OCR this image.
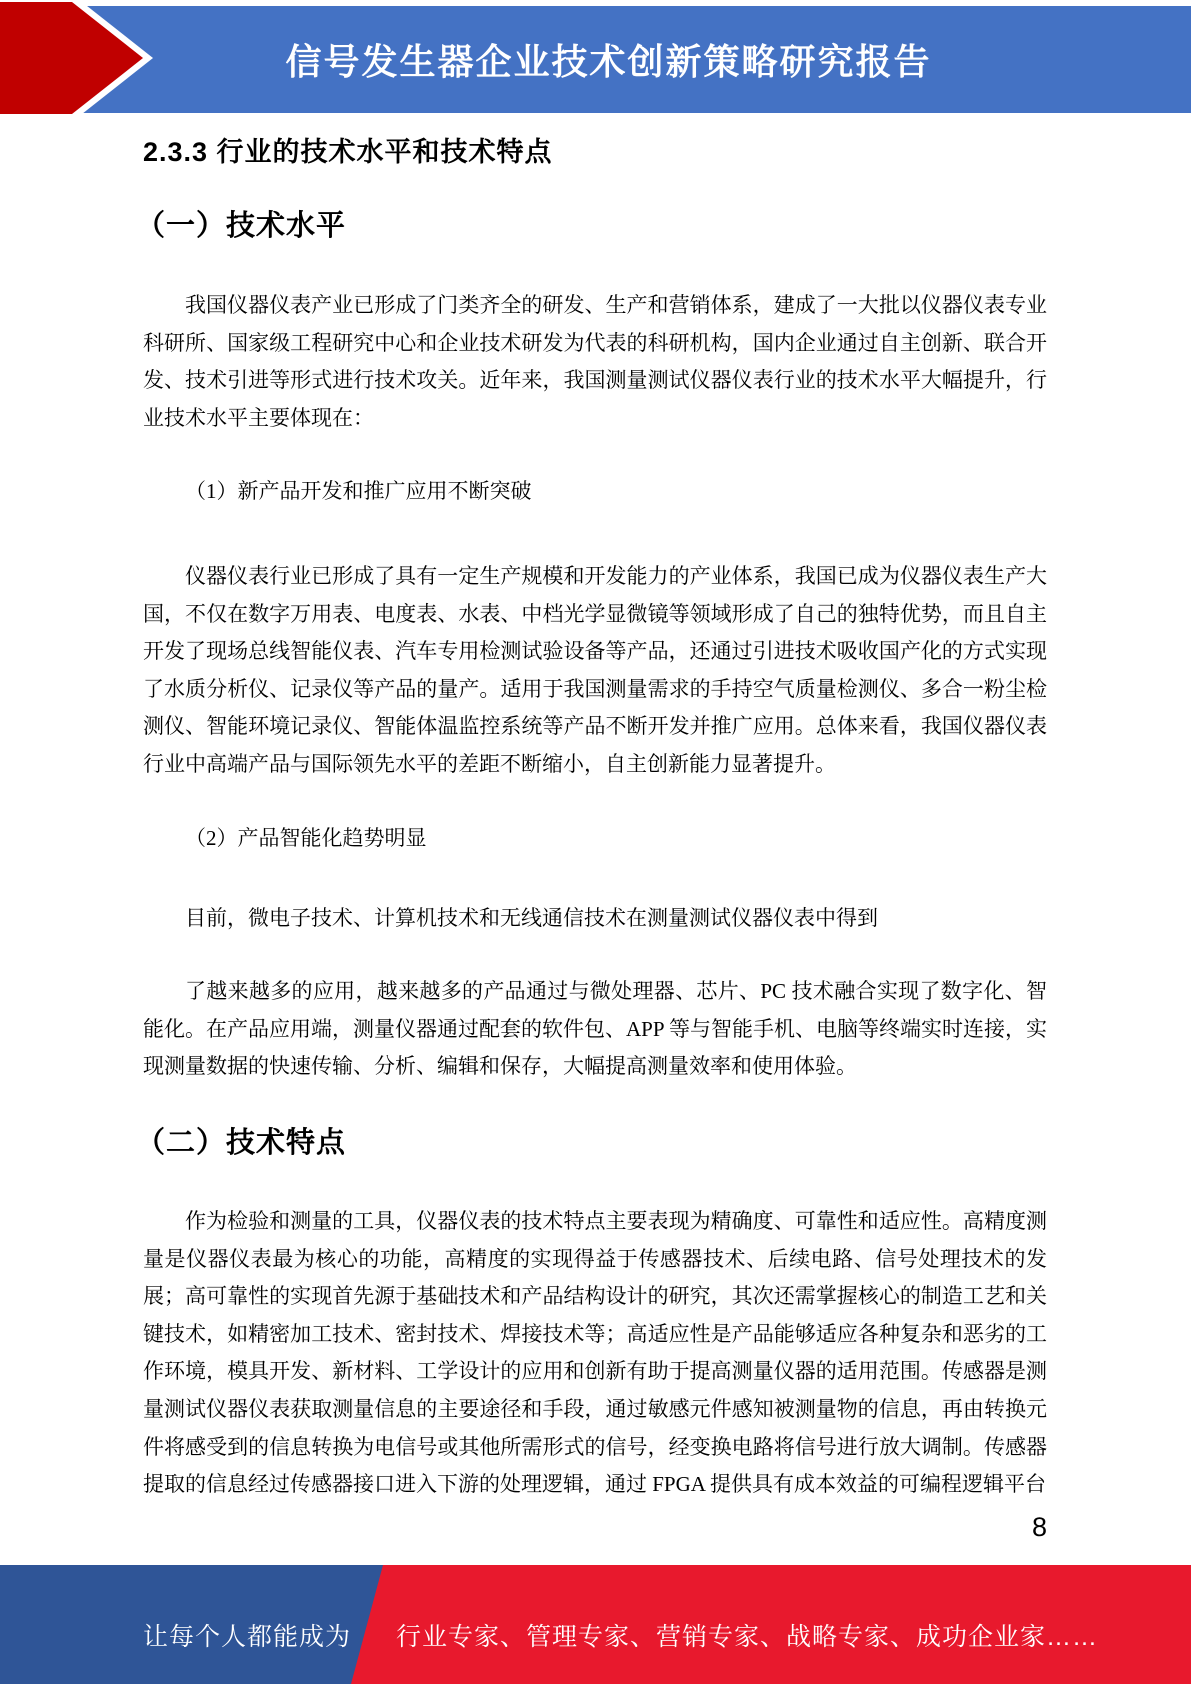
信号发生器企业技术创新策略研究报告
2.3.3 行业的技术水平和技术特点
（一）技术水平
我国仪器仪表产业已形成了门类齐全的研发、生产和营销体系，建成了一大批以仪器仪表专业科研所、国家级工程研究中心和企业技术研发为代表的科研机构，国内企业通过自主创新、联合开发、技术引进等形式进行技术攻关。近年来，我国测量测试仪器仪表行业的技术水平大幅提升，行业技术水平主要体现在：
（1）新产品开发和推广应用不断突破
仪器仪表行业已形成了具有一定生产规模和开发能力的产业体系，我国已成为仪器仪表生产大国，不仅在数字万用表、电度表、水表、中档光学显微镜等领域形成了自己的独特优势，而且自主开发了现场总线智能仪表、汽车专用检测试验设备等产品，还通过引进技术吸收国产化的方式实现了水质分析仪、记录仪等产品的量产。适用于我国测量需求的手持空气质量检测仪、多合一粉尘检测仪、智能环境记录仪、智能体温监控系统等产品不断开发并推广应用。总体来看，我国仪器仪表行业中高端产品与国际领先水平的差距不断缩小，自主创新能力显著提升。
（2）产品智能化趋势明显
目前，微电子技术、计算机技术和无线通信技术在测量测试仪器仪表中得到
了越来越多的应用，越来越多的产品通过与微处理器、芯片、PC 技术融合实现了数字化、智能化。在产品应用端，测量仪器通过配套的软件包、APP 等与智能手机、电脑等终端实时连接，实现测量数据的快速传输、分析、编辑和保存，大幅提高测量效率和使用体验。
（二）技术特点
作为检验和测量的工具，仪器仪表的技术特点主要表现为精确度、可靠性和适应性。高精度测量是仪器仪表最为核心的功能，高精度的实现得益于传感器技术、后续电路、信号处理技术的发展；高可靠性的实现首先源于基础技术和产品结构设计的研究，其次还需掌握核心的制造工艺和关键技术，如精密加工技术、密封技术、焊接技术等；高适应性是产品能够适应各种复杂和恶劣的工作环境，模具开发、新材料、工学设计的应用和创新有助于提高测量仪器的适用范围。传感器是测量测试仪器仪表获取测量信息的主要途径和手段，通过敏感元件感知被测量物的信息，再由转换元件将感受到的信息转换为电信号或其他所需形式的信号，经变换电路将信号进行放大调制。传感器提取的信息经过传感器接口进入下游的处理逻辑，通过 FPGA 提供具有成本效益的可编程逻辑平台
8
让每个人都能成为 行业专家、管理专家、营销专家、战略专家、成功企业家……
